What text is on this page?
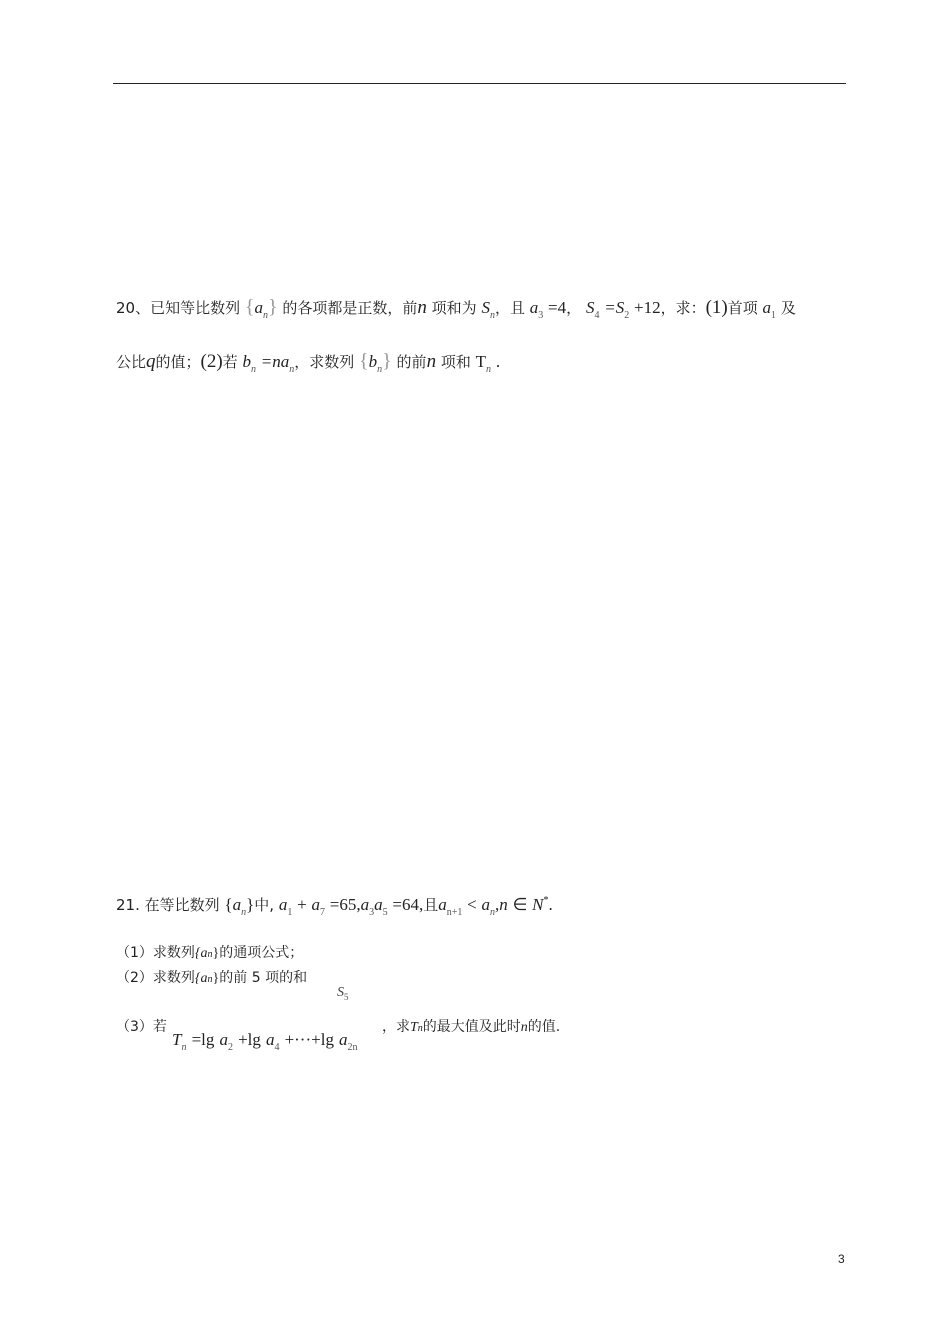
20、已知等比数列 $\{a_n\}$ 的各项都是正数，前n 项和为 $S_n$，且 $a_3 =4$， $S_4 =S_2 +12$，求：(1)首项 $a_1$ 及
公比q的值；(2)若 $b_n =na_n$，求数列 $\{b_n\}$ 的前n 项和 $T_n$ .
21. 在等比数列 $\{a_n\}$中, $a_1 + a_7 =65,a_3a_5 =64$,且$a_{n+1} < a_n,n$ ∈ N*.
（1）求数列{an}的通项公式；
（2）求数列{an}的前 5 项的和
$S_5$
（3）若
$T_n =\lg$ $a_2 +\lg$ $a_4 +\cdot\cdot\cdot+\lg$ $a_{2n}$
，求Tn的最大值及此时n的值.
3
